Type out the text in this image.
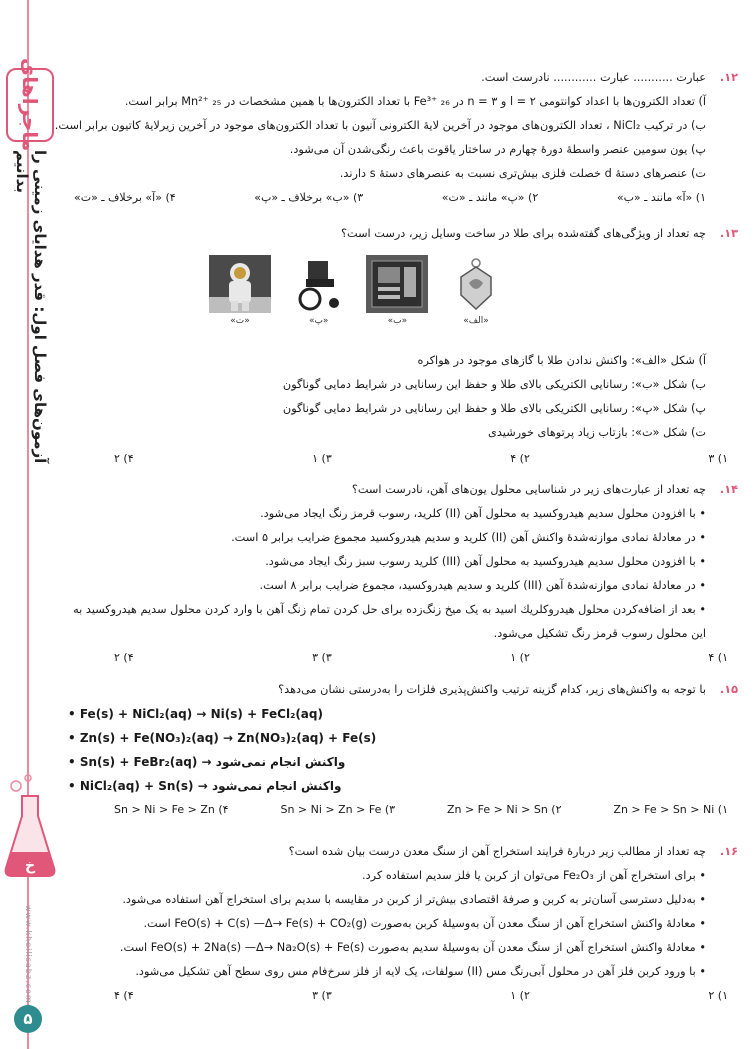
ماجراهاى
آزمون‌هاى فصل اول: قدر هداياى زمينى را بدانيم
خ
www.kheilisabz.com
۵
۱۲.عبارت ........... عبارت ............ نادرست است.
آ) تعداد الكترون‌ها با اعداد كوانتومى ۲ = l و ۳ = n در Fe³⁺ ₂₆ با تعداد الكترون‌ها با همين مشخصات در Mn²⁺ ₂₅ برابر است.
ب) در تركيب NiCl₂ ، تعداد الكترون‌هاى موجود در آخرين لايهٔ الكترونى آنيون با تعداد الكترون‌هاى موجود در آخرين زيرلايهٔ كاتيون برابر است.
پ) يون سومين عنصر واسطهٔ دورهٔ چهارم در ساختار ياقوت باعث رنگى‌شدن آن مى‌شود.
ت) عنصرهاى دستهٔ d خصلت فلزى بيش‌ترى نسبت به عنصرهاى دستهٔ s دارند.
۱) «آ» مانند ـ «ب»
۲) «پ» مانند ـ «ت»
۳) «ب» برخلاف ـ «پ»
۴) «آ» برخلاف ـ «ت»
۱۳.چه تعداد از ويژگى‌هاى گفته‌شده براى طلا در ساخت وسايل زير، درست است؟
«الف»
«ب»
«پ»
«ت»
آ) شكل «الف»: واكنش ندادن طلا با گازهاى موجود در هواكره
ب) شكل «ب»: رسانايى الكتريكى بالاى طلا و حفظ اين رسانايى در شرايط دمايى گوناگون
پ) شكل «پ»: رسانايى الكتريكى بالاى طلا و حفظ اين رسانايى در شرايط دمايى گوناگون
ت) شكل «ت»: بازتاب زياد پرتوهاى خورشيدى
۲ (۴	۱ (۳	۴ (۲	۳ (۱
۱۴.چه تعداد از عبارت‌هاى زير در شناسايى محلول يون‌هاى آهن، نادرست است؟
• با افزودن محلول سديم هيدروكسيد به محلول آهن (II) كلريد، رسوب قرمز رنگ ايجاد مى‌شود.
• در معادلهٔ نمادى موازنه‌شدهٔ واكنش آهن (II) كلريد و سديم هيدروكسيد مجموع ضرايب برابر ۵ است.
• با افزودن محلول سديم هيدروكسيد به محلول آهن (III) كلريد رسوب سبز رنگ ايجاد مى‌شود.
• در معادلهٔ نمادى موازنه‌شدهٔ آهن (III) كلريد و سديم هيدروكسيد، مجموع ضرايب برابر ۸ است.
• بعد از اضافه‌كردن محلول هيدروكلريك اسيد به يک ميخ زنگ‌زده براى حل كردن تمام زنگ آهن با وارد كردن محلول سديم هيدروكسيد به
اين محلول رسوب قرمز رنگ تشكيل مى‌شود.
۲ (۴	۳ (۳	۱ (۲	۴ (۱
۱۵.با توجه به واكنش‌هاى زير، كدام گزينه ترتيب واكنش‌پذيرى فلزات را به‌درستى نشان مى‌دهد؟
• Fe(s) + NiCl₂(aq) → Ni(s) + FeCl₂(aq)
• Zn(s) + Fe(NO₃)₂(aq) → Zn(NO₃)₂(aq) + Fe(s)
• Sn(s) + FeBr₂(aq) → واكنش انجام نمى‌شود
• NiCl₂(aq) + Sn(s) → واكنش انجام نمى‌شود
Sn > Ni > Fe > Zn (۴	Sn > Ni > Zn > Fe (۳	Zn > Fe > Ni > Sn (۲	Zn > Fe > Sn > Ni (۱
۱۶.چه تعداد از مطالب زير دربارهٔ فرايند استخراج آهن از سنگ معدن درست بيان شده است؟
• براى استخراج آهن از Fe₂O₃ مى‌توان از كربن يا فلز سديم استفاده كرد.
• به‌دليل دسترسى آسان‌تر به كربن و صرفهٔ اقتصادى بيش‌تر از كربن در مقايسه با سديم براى استخراج آهن استفاده مى‌شود.
• معادلهٔ واكنش استخراج آهن از سنگ معدن آن به‌وسيلهٔ كربن به‌صورت FeO(s) + C(s) —Δ→ Fe(s) + CO₂(g) است.
• معادلهٔ واكنش استخراج آهن از سنگ معدن آن به‌وسيلهٔ سديم به‌صورت FeO(s) + 2Na(s) —Δ→ Na₂O(s) + Fe(s) است.
• با ورود كربن فلز آهن در محلول آبى‌رنگ مس (II) سولفات، يک لايه از فلز سرخ‌فام مس روى سطح آهن تشكيل مى‌شود.
۴ (۴	۳ (۳	۱ (۲	۲ (۱
